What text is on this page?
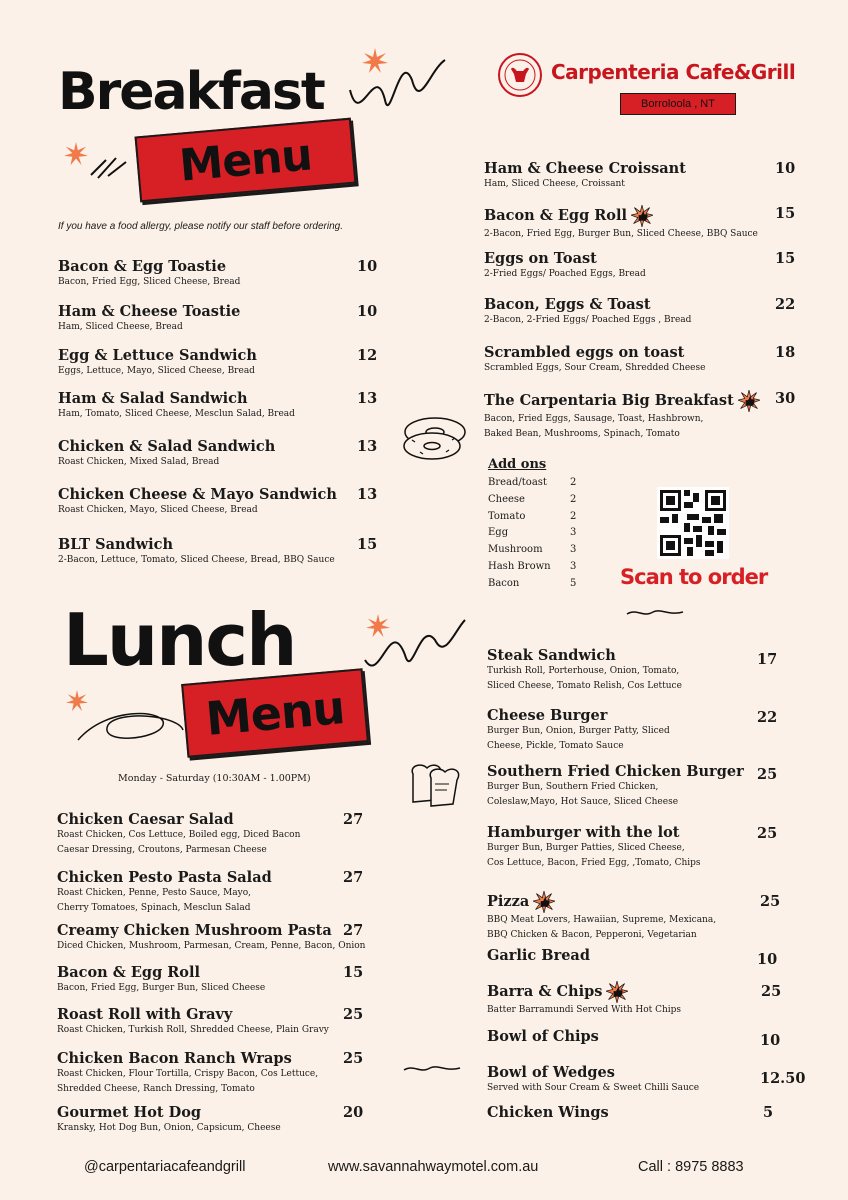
Carpenteria Cafe&Grill
Borroloola , NT
Breakfast
Menu
If you have a food allergy, please notify our staff before ordering.
Bacon & Egg Toastie
Bacon, Fried Egg, Sliced Cheese, Bread
10
Ham & Cheese Toastie
Ham, Sliced Cheese, Bread
10
Egg & Lettuce Sandwich
Eggs, Lettuce, Mayo, Sliced Cheese, Bread
12
Ham & Salad Sandwich
Ham, Tomato, Sliced Cheese, Mesclun Salad, Bread
13
Chicken & Salad Sandwich
Roast Chicken, Mixed Salad, Bread
13
Chicken Cheese & Mayo Sandwich
Roast Chicken, Mayo, Sliced Cheese, Bread
13
BLT Sandwich
2-Bacon, Lettuce, Tomato, Sliced Cheese, Bread, BBQ Sauce
15
Ham & Cheese Croissant
Ham, Sliced Cheese, Croissant
10
Bacon & Egg Roll
2-Bacon, Fried Egg, Burger Bun, Sliced Cheese, BBQ Sauce
15
Eggs on Toast
2-Fried Eggs/ Poached Eggs, Bread
15
Bacon, Eggs & Toast
2-Bacon, 2-Fried Eggs/ Poached Eggs , Bread
22
Scrambled eggs on toast
Scrambled Eggs, Sour Cream, Shredded Cheese
18
The Carpentaria Big Breakfast
Bacon, Fried Eggs, Sausage, Toast, Hashbrown,
Baked Bean, Mushrooms, Spinach, Tomato
30
Add ons
Bread/toast 2
Cheese	2
Tomato	2
Egg	3
Mushroom	3
Hash Brown 3
Bacon	5 Scan to order
Lunch
Menu
Monday - Saturday (10:30AM - 1.00PM)
Chicken Caesar Salad
Roast Chicken, Cos Lettuce, Boiled egg, Diced Bacon
Caesar Dressing, Croutons, Parmesan Cheese
27
Chicken Pesto Pasta Salad
Roast Chicken, Penne, Pesto Sauce, Mayo,
Cherry Tomatoes, Spinach, Mesclun Salad
27
Creamy Chicken Mushroom Pasta
Diced Chicken, Mushroom, Parmesan, Cream, Penne, Bacon, Onion
27
Bacon & Egg Roll
Bacon, Fried Egg, Burger Bun, Sliced Cheese
15
Roast Roll with Gravy
Roast Chicken, Turkish Roll, Shredded Cheese, Plain Gravy
25
Chicken Bacon Ranch Wraps
Roast Chicken, Flour Tortilla, Crispy Bacon, Cos Lettuce,
Shredded Cheese, Ranch Dressing, Tomato
25
Gourmet Hot Dog
Kransky, Hot Dog Bun, Onion, Capsicum, Cheese
20
Steak Sandwich
Turkish Roll, Porterhouse, Onion, Tomato,
Sliced Cheese, Tomato Relish, Cos Lettuce
17
Cheese Burger
Burger Bun, Onion, Burger Patty, Sliced
Cheese, Pickle, Tomato Sauce
22
Southern Fried Chicken Burger
Burger Bun, Southern Fried Chicken,
Coleslaw,Mayo, Hot Sauce, Sliced Cheese
25
Hamburger with the lot
Burger Bun, Burger Patties, Sliced Cheese,
Cos Lettuce, Bacon, Fried Egg, ,Tomato, Chips
25
Pizza
BBQ Meat Lovers, Hawaiian, Supreme, Mexicana,
BBQ Chicken & Bacon, Pepperoni, Vegetarian
25
Garlic Bread	10
Barra & Chips
Batter Barramundi Served With Hot Chips
25
Bowl of Chips	10
Bowl of Wedges
Served with Sour Cream & Sweet Chilli Sauce
12.50
Chicken Wings	5
@carpentariacafeandgrill	www.savannahwaymotel.com.au	Call : 8975 8883
